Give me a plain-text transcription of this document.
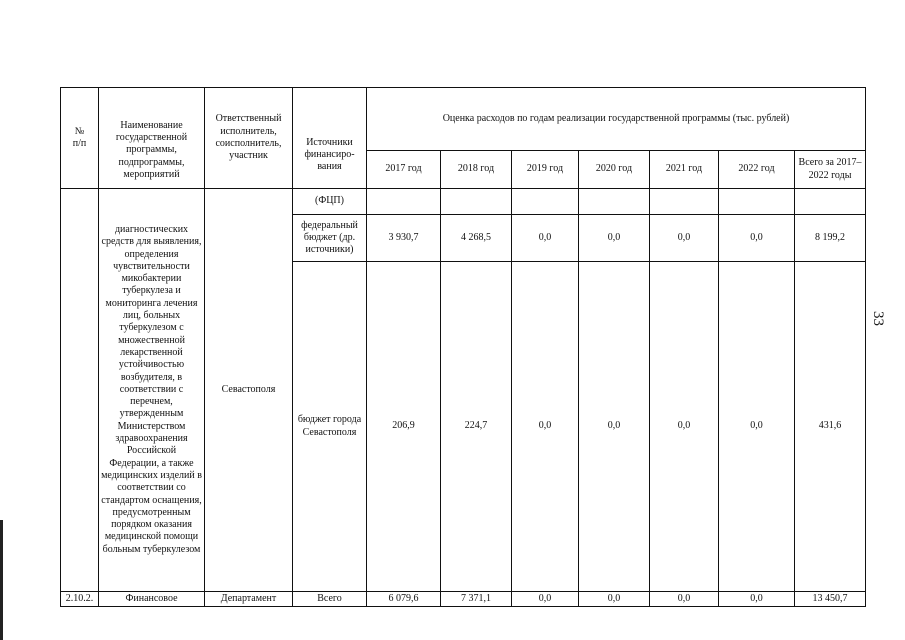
33
№
п/п	Наименование государственной программы, подпрограммы, мероприятий	Ответственный исполнитель, соисполнитель, участник	Источники финансиро-вания	Оценка расходов по годам реализации государственной программы (тыс. рублей)						
				2017 год	2018 год	2019 год	2020 год	2021 год	2022 год	Всего за 2017–2022 годы
	диагностических средств для выявления, определения чувствительности микобактерии туберкулеза и мониторинга лечения лиц, больных туберкулезом с множественной лекарственной устойчивостью возбудителя, в соответствии с перечнем, утвержденным Министерством здравоохранения Российской Федерации, а также медицинских изделий в соответствии со стандартом оснащения, предусмотренным порядком оказания медицинской помощи больным туберкулезом	Севастополя	(ФЦП)							
			федеральный бюджет (др. источники)	3 930,7	4 268,5	0,0	0,0	0,0	0,0	8 199,2
			бюджет города Севастополя	206,9	224,7	0,0	0,0	0,0	0,0	431,6
2.10.2.	Финансовое	Департамент	Всего	6 079,6	7 371,1	0,0	0,0	0,0	0,0	13 450,7
